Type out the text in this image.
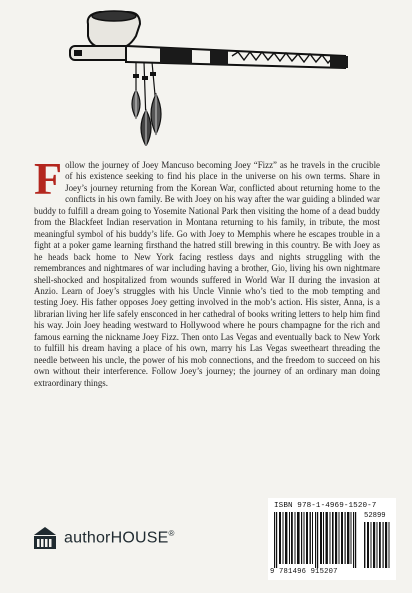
Follow the journey of Joey Mancuso becoming Joey “Fizz” as he travels in the crucible of his existence seeking to find his place in the universe on his own terms. Share in Joey’s journey returning from the Korean War, conflicted about returning home to the conflicts in his own family. Be with Joey on his way after the war guiding a blinded war buddy to fulfill a dream going to Yosemite National Park then visiting the home of a dead buddy from the Blackfeet Indian reservation in Montana returning to his family, in tribute, the most meaningful symbol of his buddy’s life. Go with Joey to Memphis where he escapes trouble in a fight at a poker game learning firsthand the hatred still brewing in this country. Be with Joey as he heads back home to New York facing restless days and nights struggling with the remembrances and nightmares of war including having a brother, Gio, living his own nightmare shell-shocked and hospitalized from wounds suffered in World War II during the invasion at Anzio. Learn of Joey’s struggles with his Uncle Vinnie who’s tied to the mob tempting and testing Joey. His father opposes Joey getting involved in the mob’s action. His sister, Anna, is a librarian living her life safely ensconced in her cathedral of books writing letters to help him find his way. Join Joey heading westward to Hollywood where he pours champagne for the rich and famous earning the nickname Joey Fizz. Then onto Las Vegas and eventually back to New York to fulfill his dream having a place of his own, marry his Las Vegas sweetheart threading the needle between his uncle, the power of his mob connections, and the freedom to succeed on his own without their interference. Follow Joey’s journey; the journey of an ordinary man doing extraordinary things.
authorHOUSE®
ISBN 978-1-4969-1520-7
52899
9 781496 915207
